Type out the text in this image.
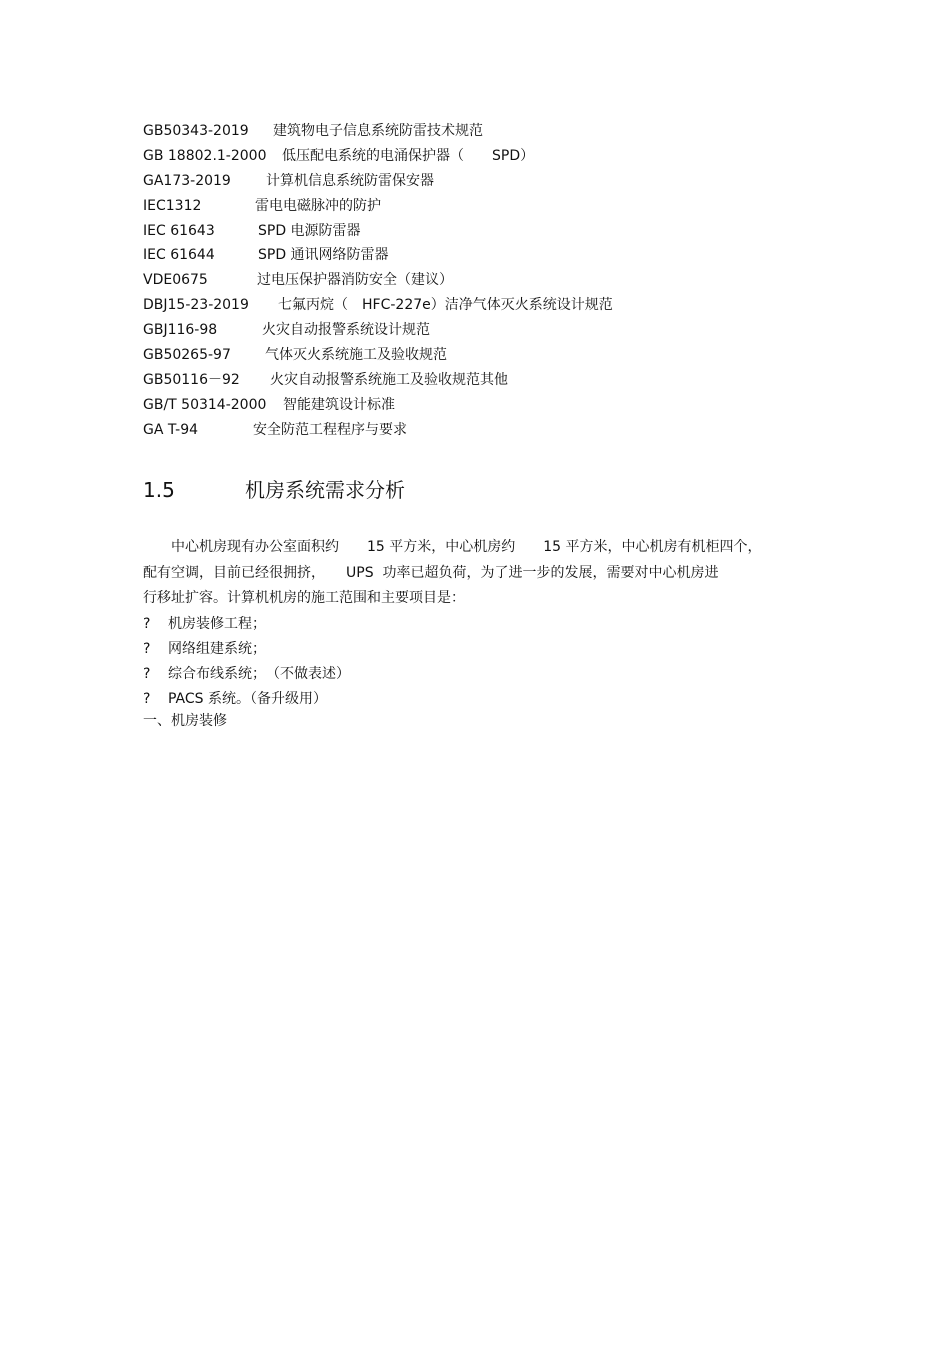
GB50343-2019 建筑物电子信息系统防雷技术规范
GB 18802.1-2000 低压配电系统的电涌保护器（　　SPD）
GA173-2019	计算机信息系统防雷保安器
IEC1312	雷电电磁脉冲的防护
IEC 61643	SPD 电源防雷器
IEC 61644	SPD 通讯网络防雷器
VDE0675	过电压保护器消防安全（建议）
DBJ15-23-2019 七氟丙烷（　HFC-227e）洁净气体灭火系统设计规范
GBJ116-98	火灾自动报警系统设计规范
GB50265-97 气体灭火系统施工及验收规范
GB50116－92 火灾自动报警系统施工及验收规范其他
GB/T 50314-2000 智能建筑设计标准
GA T-94	安全防范工程程序与要求
1.5	机房系统需求分析
　　中心机房现有办公室面积约　　15 平方米，中心机房约　　15 平方米，中心机房有机柜四个，
配有空调，目前已经很拥挤，　　UPS  功率已超负荷，为了进一步的发展，需要对中心机房进
行移址扩容。计算机机房的施工范围和主要项目是：
? 机房装修工程；
? 网络组建系统；
? 综合布线系统；　（不做表述）
? PACS 系统。（备升级用）
一、机房装修
